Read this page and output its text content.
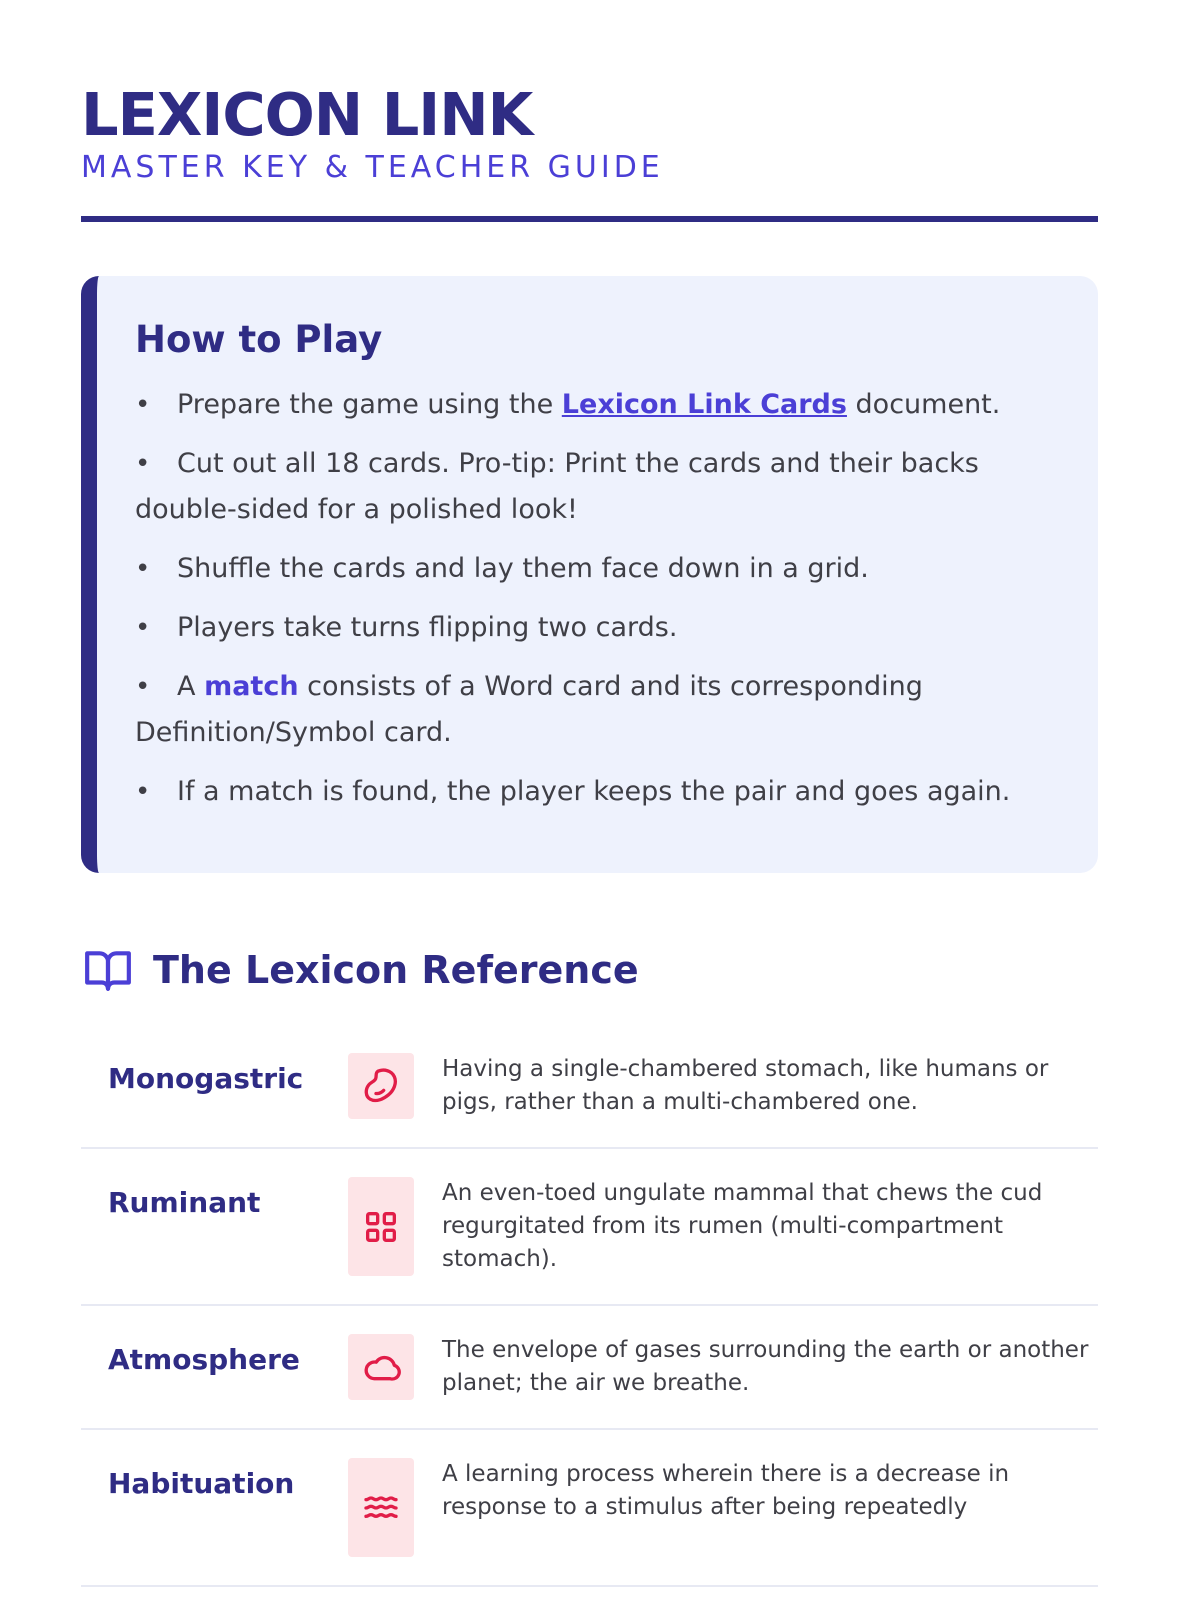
LEXICON LINK
MASTER KEY & TEACHER GUIDE
How to Play
• Prepare the game using the Lexicon Link Cards document.
• Cut out all 18 cards. Pro-tip: Print the cards and their backs double-sided for a polished look!
• Shuffle the cards and lay them face down in a grid.
• Players take turns flipping two cards.
• A match consists of a Word card and its corresponding Definition/Symbol card.
• If a match is found, the player keeps the pair and goes again.
The Lexicon Reference
Monogastric	Having a single-chambered stomach, like humans or pigs, rather than a multi-chambered one.
Ruminant	An even-toed ungulate mammal that chews the cud regurgitated from its rumen (multi-compartment stomach).
Atmosphere	The envelope of gases surrounding the earth or another planet; the air we breathe.
Habituation	A learning process wherein there is a decrease in response to a stimulus after being repeatedly
